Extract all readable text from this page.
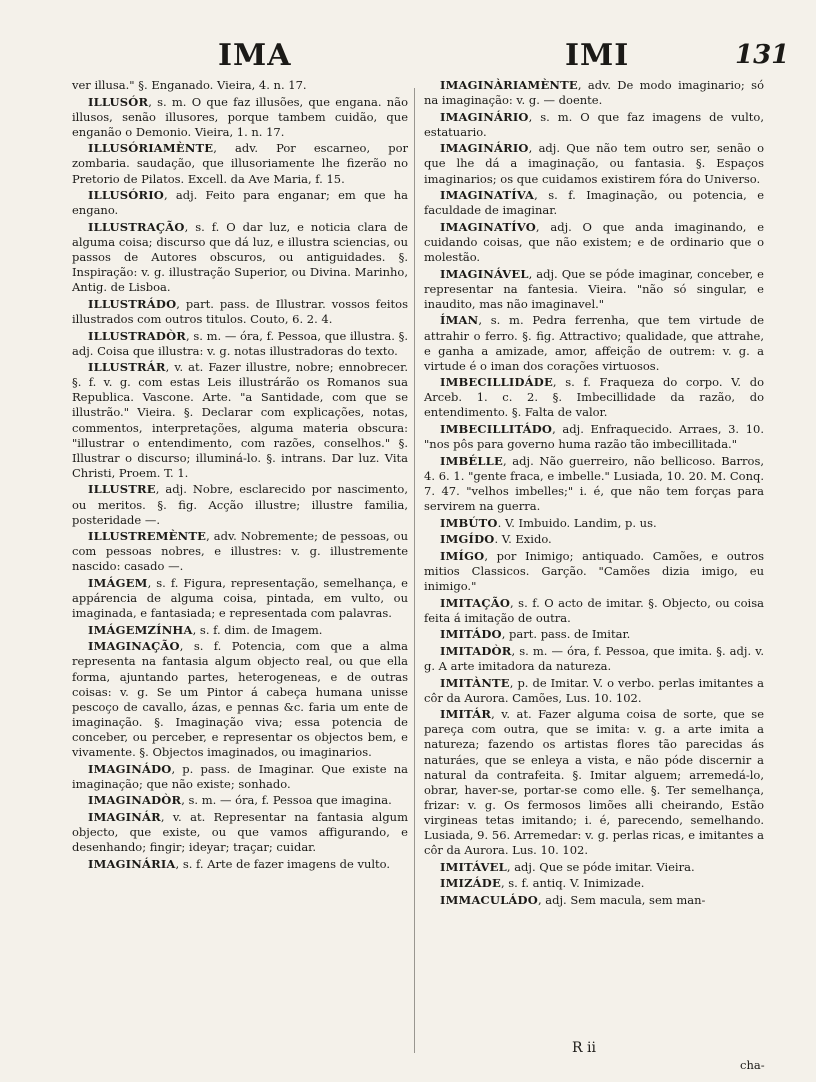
IMA	IMI	131

ver illusa." §. Enganado. Vieira, 4. n. 17.

ILLUSÓR, s. m. O que faz illusões, que engana. não illusos, senão illusores, porque tambem cuidão, que enganão o Demonio. Vieira, 1. n. 17.

ILLUSÓRIAMÈNTE, adv. Por escarneo, por zombaria. saudação, que illusoriamente lhe fizerão no Pretorio de Pilatos. Excell. da Ave Maria, f. 15.

ILLUSÓRIO, adj. Feito para enganar; em que ha engano.

ILLUSTRAÇÃO, s. f. O dar luz, e noticia clara de alguma coisa; discurso que dá luz, e illustra sciencias, ou passos de Autores obscuros, ou antiguidades. §. Inspiração: v. g. illustração Superior, ou Divina. Marinho, Antig. de Lisboa.

ILLUSTRÁDO, part. pass. de Illustrar. vossos feitos illustrados com outros titulos. Couto, 6. 2. 4.

ILLUSTRADÒR, s. m. — óra, f. Pessoa, que illustra. §. adj. Coisa que illustra: v. g. notas illustradoras do texto.

ILLUSTRÁR, v. at. Fazer illustre, nobre; ennobrecer. §. f. v. g. com estas Leis illustrárão os Romanos sua Republica. Vascone. Arte. "a Santidade, com que se illustrão." Vieira. §. Declarar com explicações, notas, commentos, interpretações, alguma materia obscura: "illustrar o entendimento, com razões, conselhos." §. Illustrar o discurso; illuminá-lo. §. intrans. Dar luz. Vita Christi, Proem. T. 1.

ILLUSTRE, adj. Nobre, esclarecido por nascimento, ou meritos. §. fig. Acção illustre; illustre familia, posteridade —.

ILLUSTREMÈNTE, adv. Nobremente; de pessoas, ou com pessoas nobres, e illustres: v. g. illustremente nascido: casado —.

IMÁGEM, s. f. Figura, representação, semelhança, e appárencia de alguma coisa, pintada, em vulto, ou imaginada, e fantasiada; e representada com palavras.

IMÁGEMZÍNHA, s. f. dim. de Imagem.

IMAGINAÇÃO, s. f. Potencia, com que a alma representa na fantasia algum objecto real, ou que ella forma, ajuntando partes, heterogeneas, e de outras coisas: v. g. Se um Pintor á cabeça humana unisse pescoço de cavallo, ázas, e pennas &c. faria um ente de imaginação. §. Imaginação viva; essa potencia de conceber, ou perceber, e representar os objectos bem, e vivamente. §. Objectos imaginados, ou imaginarios.

IMAGINÁDO, p. pass. de Imaginar. Que existe na imaginação; que não existe; sonhado.

IMAGINADÒR, s. m. — óra, f. Pessoa que imagina.

IMAGINÁR, v. at. Representar na fantasia algum objecto, que existe, ou que vamos affigurando, e desenhando; fingir; ideyar; traçar; cuidar.

IMAGINÁRIA, s. f. Arte de fazer imagens de vulto.

IMAGINÀRIAMÈNTE, adv. De modo imaginario; só na imaginação: v. g. — doente.

IMAGINÁRIO, s. m. O que faz imagens de vulto, estatuario.

IMAGINÁRIO, adj. Que não tem outro ser, senão o que lhe dá a imaginação, ou fantasia. §. Espaços imaginarios; os que cuidamos existirem fóra do Universo.

IMAGINATÍVA, s. f. Imaginação, ou potencia, e faculdade de imaginar.

IMAGINATÍVO, adj. O que anda imaginando, e cuidando coisas, que não existem; e de ordinario que o molestão.

IMAGINÁVEL, adj. Que se póde imaginar, conceber, e representar na fantesia. Vieira. "não só singular, e inaudito, mas não imaginavel."

ÍMAN, s. m. Pedra ferrenha, que tem virtude de attrahir o ferro. §. fig. Attractivo; qualidade, que attrahe, e ganha a amizade, amor, affeição de outrem: v. g. a virtude é o iman dos corações virtuosos.

IMBECILLIDÁDE, s. f. Fraqueza do corpo. V. do Arceb. 1. c. 2. §. Imbecillidade da razão, do entendimento. §. Falta de valor.

IMBECILLITÁDO, adj. Enfraquecido. Arraes, 3. 10. "nos pôs para governo huma razão tão imbecillitada."

IMBÉLLE, adj. Não guerreiro, não bellicoso. Barros, 4. 6. 1. "gente fraca, e imbelle." Lusiada, 10. 20. M. Conq. 7. 47. "velhos imbelles;" i. é, que não tem forças para servirem na guerra.

IMBÚTO. V. Imbuido. Landim, p. us.

IMGÍDO. V. Exido.

IMÍGO, por Inimigo; antiquado. Camões, e outros mitios Classicos. Garção. "Camões dizia imigo, eu inimigo."

IMITAÇÃO, s. f. O acto de imitar. §. Objecto, ou coisa feita á imitação de outra.

IMITÁDO, part. pass. de Imitar.

IMITADÒR, s. m. — óra, f. Pessoa, que imita. §. adj. v. g. A arte imitadora da natureza.

IMITÀNTE, p. de Imitar. V. o verbo. perlas imitantes a côr da Aurora. Camões, Lus. 10. 102.

IMITÁR, v. at. Fazer alguma coisa de sorte, que se pareça com outra, que se imita: v. g. a arte imita a natureza; fazendo os artistas flores tão parecidas ás naturáes, que se enleya a vista, e não póde discernir a natural da contrafeita. §. Imitar alguem; arremedá-lo, obrar, haver-se, portar-se como elle. §. Ter semelhança, frizar: v. g. Os fermosos limões alli cheirando, Estão virgineas tetas imitando; i. é, parecendo, semelhando. Lusiada, 9. 56. Arremedar: v. g. perlas ricas, e imitantes a côr da Aurora. Lus. 10. 102.

IMITÁVEL, adj. Que se póde imitar. Vieira.

IMIZÁDE, s. f. antiq. V. Inimizade.

IMMACULÁDO, adj. Sem macula, sem man-

R ii
cha-
